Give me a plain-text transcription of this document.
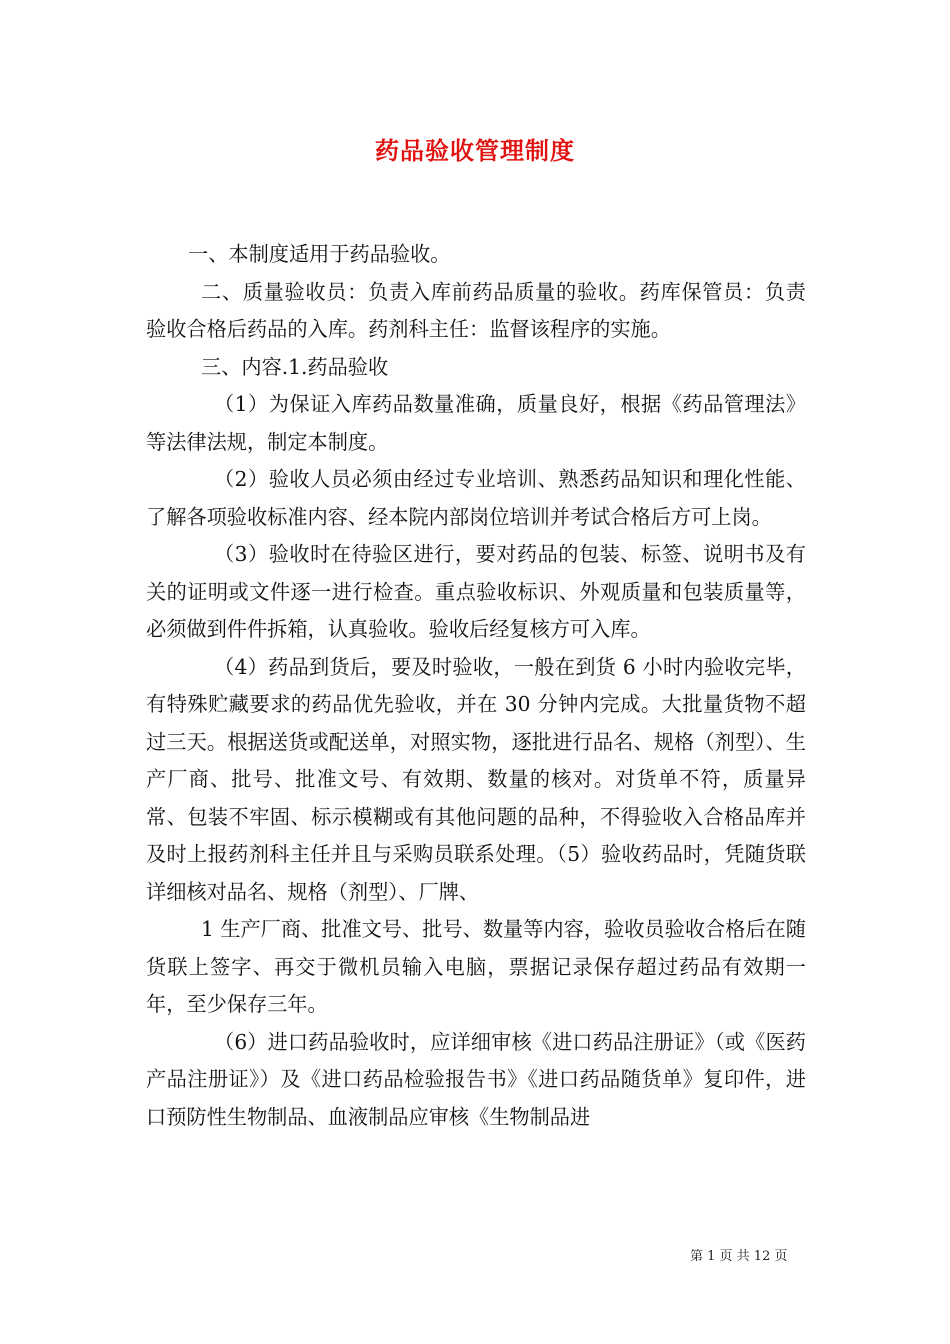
药品验收管理制度

一、本制度适用于药品验收。

二、质量验收员：负责入库前药品质量的验收。药库保管员：负责验收合格后药品的入库。药剂科主任：监督该程序的实施。

三、内容.1.药品验收

（1）为保证入库药品数量准确，质量良好，根据《药品管理法》等法律法规，制定本制度。

（2）验收人员必须由经过专业培训、熟悉药品知识和理化性能、了解各项验收标准内容、经本院内部岗位培训并考试合格后方可上岗。

（3）验收时在待验区进行，要对药品的包装、标签、说明书及有关的证明或文件逐一进行检查。重点验收标识、外观质量和包装质量等，必须做到件件拆箱，认真验收。验收后经复核方可入库。

（4）药品到货后，要及时验收，一般在到货 6 小时内验收完毕，有特殊贮藏要求的药品优先验收，并在 30 分钟内完成。大批量货物不超过三天。根据送货或配送单，对照实物，逐批进行品名、规格（剂型）、生产厂商、批号、批准文号、有效期、数量的核对。对货单不符，质量异常、包装不牢固、标示模糊或有其他问题的品种，不得验收入合格品库并及时上报药剂科主任并且与采购员联系处理。（5）验收药品时，凭随货联详细核对品名、规格（剂型）、厂牌、

1 生产厂商、批准文号、批号、数量等内容，验收员验收合格后在随货联上签字、再交于微机员输入电脑，票据记录保存超过药品有效期一年，至少保存三年。

（6）进口药品验收时，应详细审核《进口药品注册证》（或《医药产品注册证》）及《进口药品检验报告书》《进口药品随货单》复印件，进口预防性生物制品、血液制品应审核《生物制品进

第 1 页 共 12 页
